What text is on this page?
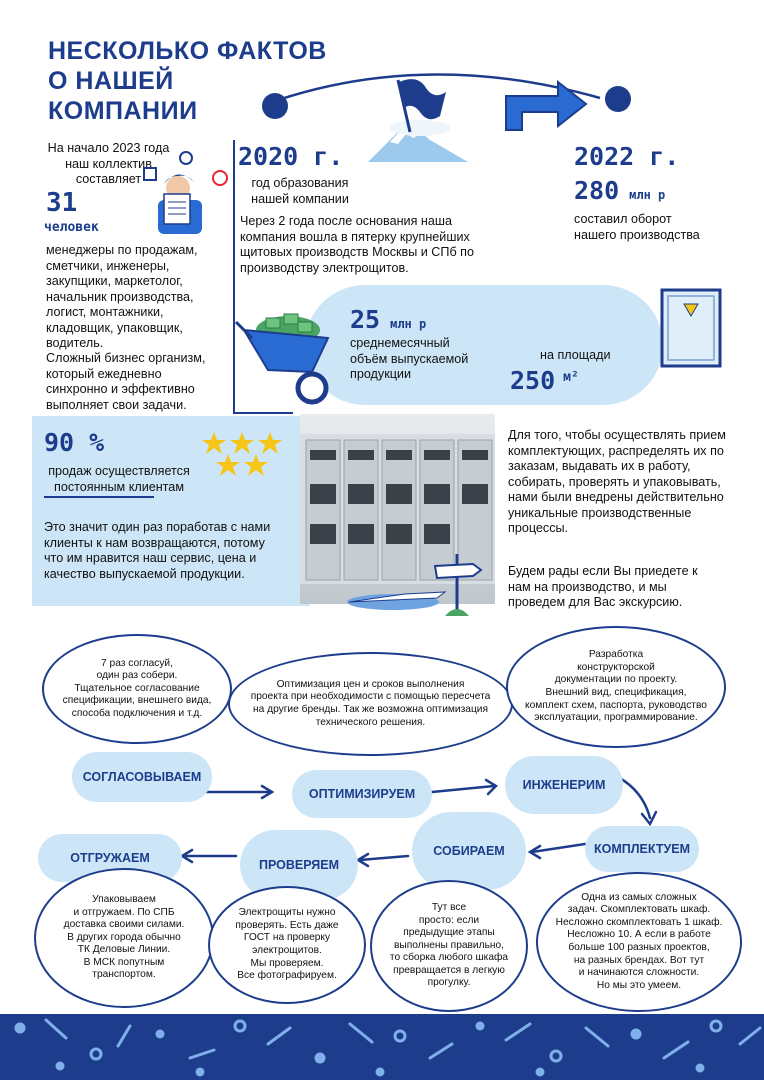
НЕСКОЛЬКО ФАКТОВ
О НАШЕЙ
КОМПАНИИ
На начало 2023 года наш коллектив составляет
31
человек
менеджеры по продажам, сметчики, инженеры, закупщики, маркетолог, начальник производства, логист, монтажники, кладовщик, упаковщик, водитель.
Сложный бизнес организм, который ежедневно синхронно и эффективно выполняет свои задачи.
2020 г.
год образования нашей компании
Через 2 года после основания наша компания вошла в пятерку крупнейших щитовых производств Москвы и СПб по производству электрощитов.
2022 г.
280 млн р
составил оборот нашего производства
25 млн р
среднемесячный объём выпускаемой продукции
на площади
250 м²
90 %
продаж осуществляется постоянным клиентам
Это значит один раз поработав с нами клиенты к нам возвращаются, потому что им нравится наш сервис, цена и качество выпускаемой продукции.
Для того, чтобы осуществлять прием комплектующих, распределять их по заказам, выдавать их в работу, собирать, проверять и упаковывать, нами были внедрены действительно уникальные производственные процессы.
Будем рады если Вы приедете к нам на производство, и мы проведем для Вас экскурсию.
7 раз согласуй,
один раз собери.
Тщательное согласование
спецификации, внешнего вида,
способа подключения и т.д.
Оптимизация цен и сроков выполнения
проекта при необходимости с помощью пересчета
на другие бренды. Так же возможна оптимизация
технического решения.
Разработка
конструкторской
документации по проекту.
Внешний вид, спецификация,
комплект схем, паспорта, руководство
эксплуатации, программирование.
СОГЛАСОВЫВАЕМ
ОПТИМИЗИРУЕМ
ИНЖЕНЕРИМ
КОМПЛЕКТУЕМ
СОБИРАЕМ
ПРОВЕРЯЕМ
ОТГРУЖАЕМ
Упаковываем
и отгружаем. По СПБ
доставка своими силами.
В других города обычно
ТК Деловые Линии.
В МСК попутным
транспортом.
Электрощиты нужно
проверять. Есть даже
ГОСТ на проверку
электрощитов.
Мы проверяем.
Все фотографируем.
Тут все
просто: если
предыдущие этапы
выполнены правильно,
то сборка любого шкафа
превращается в легкую
прогулку.
Одна из самых сложных
задач. Скомплектовать шкаф.
Несложно скомплектовать 1 шкаф.
Несложно 10. А если в работе
больше 100 разных проектов,
на разных брендах. Вот тут
и начинаются сложности.
Но мы это умеем.
